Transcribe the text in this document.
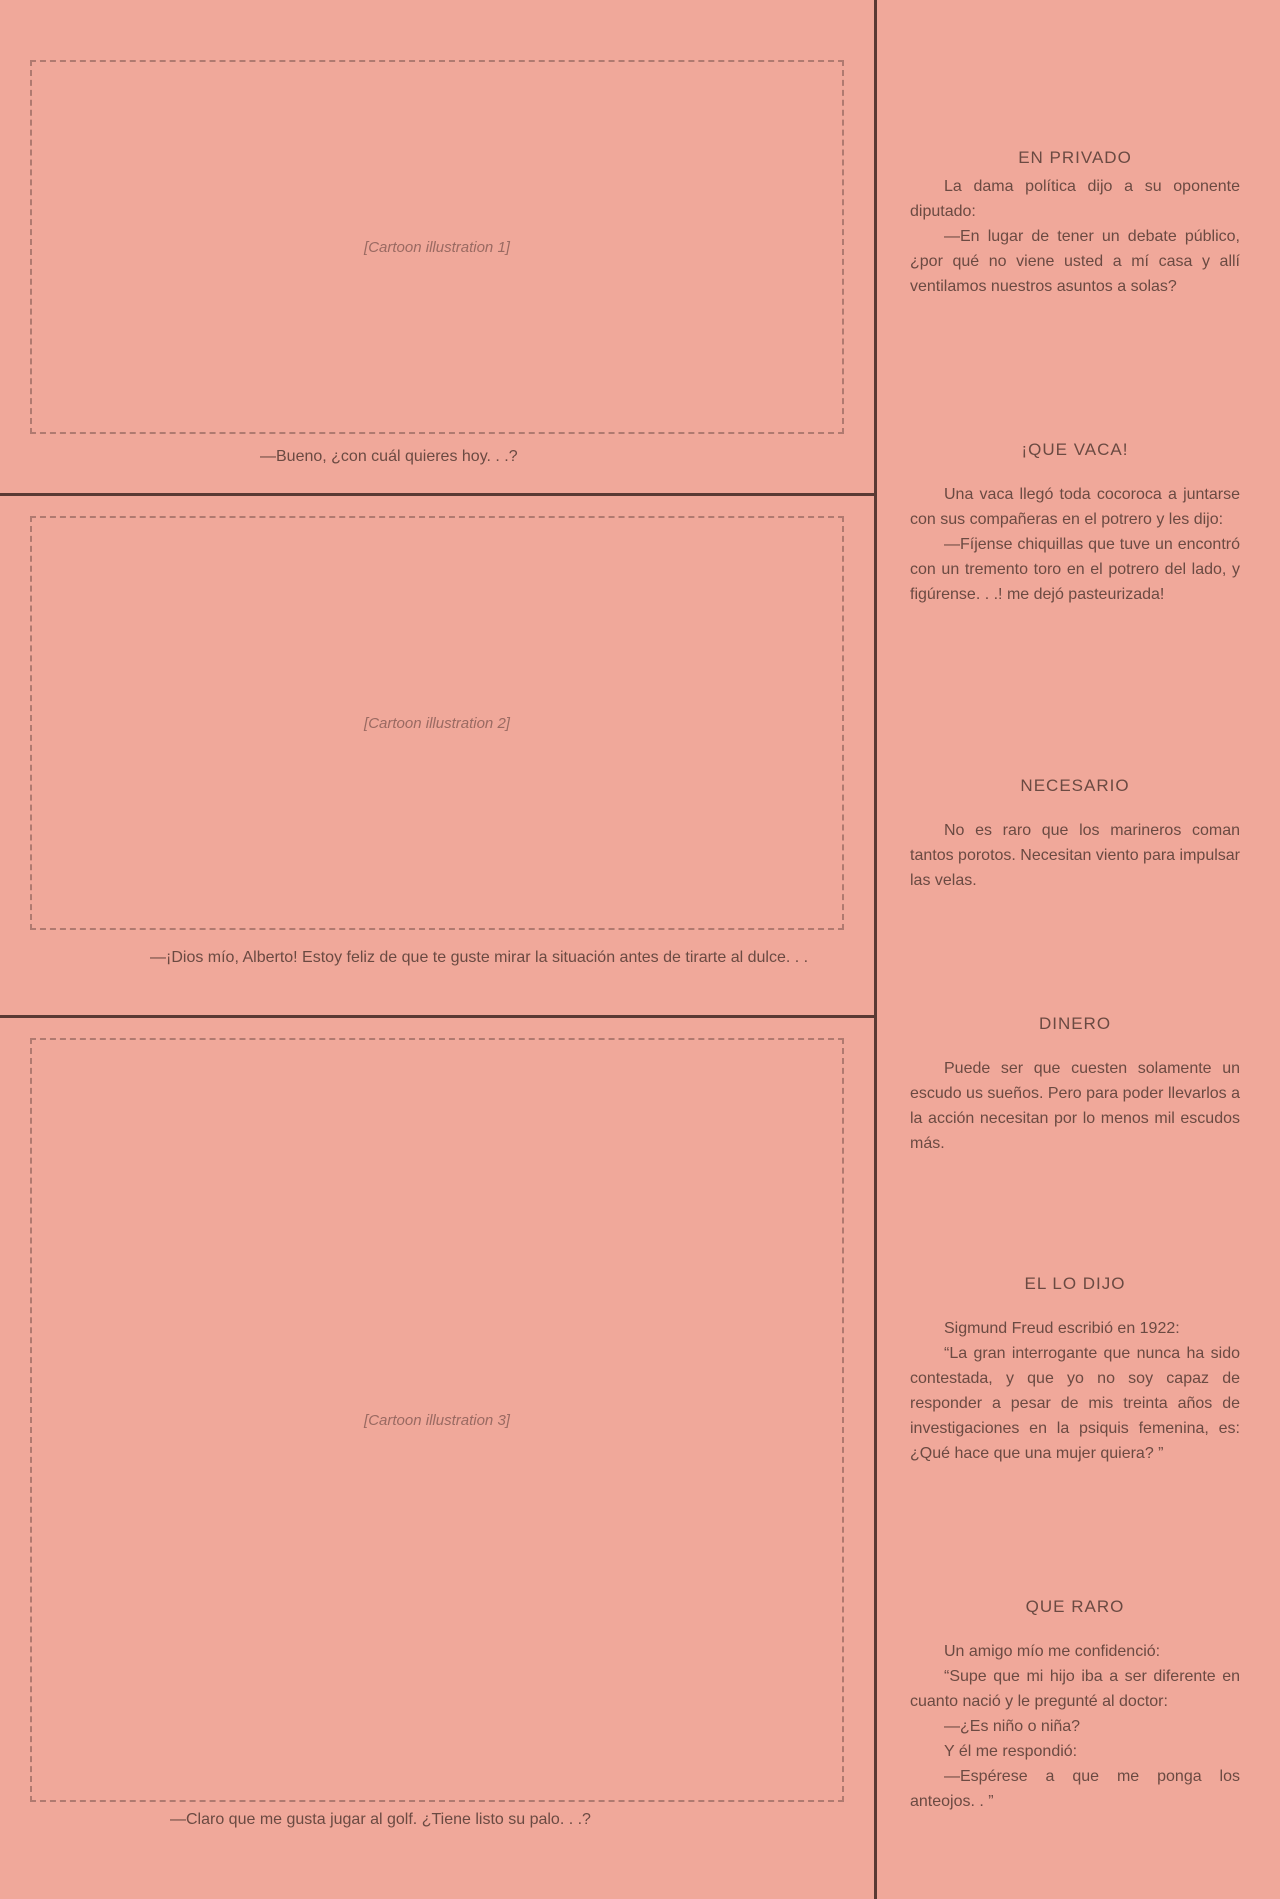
[Cartoon illustration 1]
—Bueno, ¿con cuál quieres hoy. . .?
[Cartoon illustration 2]
—¡Dios mío, Alberto! Estoy feliz de que te guste mirar la situación antes de tirarte al dulce. . .
[Cartoon illustration 3]
—Claro que me gusta jugar al golf. ¿Tiene listo su palo. . .?
EN PRIVADO

La dama política dijo a su oponente diputado:

—En lugar de tener un debate público, ¿por qué no viene usted a mí casa y allí ventilamos nuestros asuntos a solas?

¡QUE VACA!

Una vaca llegó toda cocoroca a juntarse con sus compañeras en el potrero y les dijo:

—Fíjense chiquillas que tuve un encontró con un tremento toro en el potrero del lado, y figúrense. . .! me dejó pasteurizada!

NECESARIO

No es raro que los marineros coman tantos porotos. Necesitan viento para impulsar las velas.

DINERO

Puede ser que cuesten solamente un escudo us sueños. Pero para poder llevarlos a la acción necesitan por lo menos mil escudos más.

EL LO DIJO

Sigmund Freud escribió en 1922:

“La gran interrogante que nunca ha sido contestada, y que yo no soy capaz de responder a pesar de mis treinta años de investigaciones en la psiquis femenina, es: ¿Qué hace que una mujer quiera? ”

QUE RARO

Un amigo mío me confidenció:

“Supe que mi hijo iba a ser diferente en cuanto nació y le pregunté al doctor:

—¿Es niño o niña?

Y él me respondió:

—Espérese a que me ponga los anteojos. . ”
